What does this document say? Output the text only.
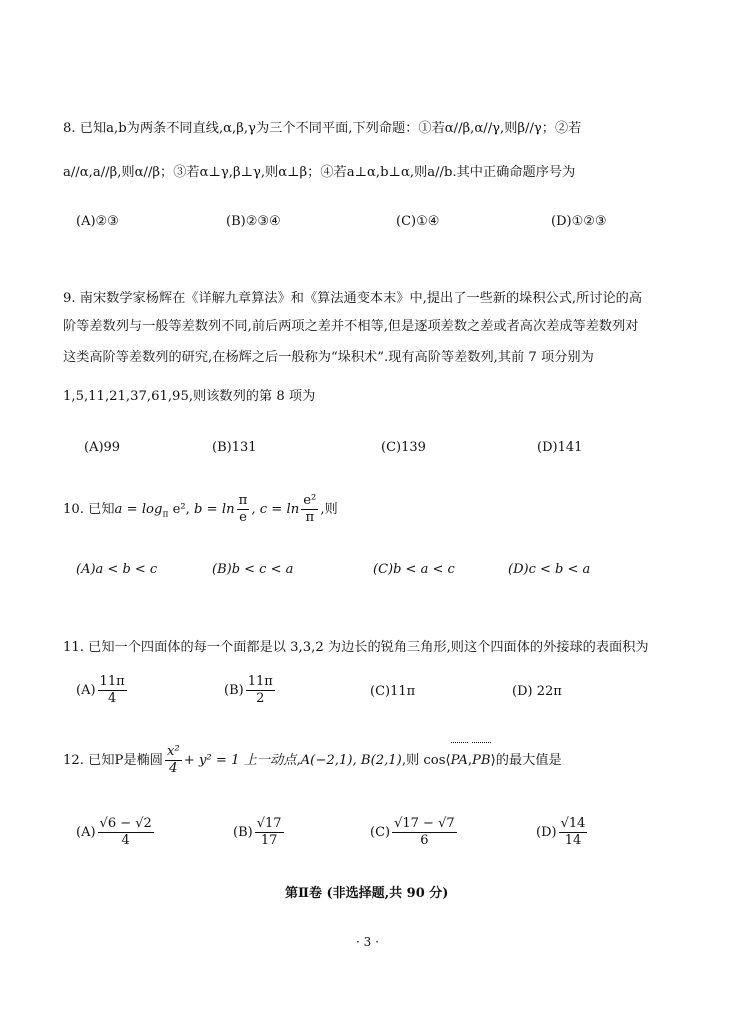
8. 已知a,b为两条不同直线,α,β,γ为三个不同平面,下列命题：①若α//β,α//γ,则β//γ；②若
a//α,a//β,则α//β；③若α⊥γ,β⊥γ,则α⊥β；④若a⊥α,b⊥α,则a//b.其中正确命题序号为
(A)②③	(B)②③④	(C)①④	(D)①②③
9. 南宋数学家杨辉在《详解九章算法》和《算法通变本末》中,提出了一些新的垛积公式,所讨论的高
阶等差数列与一般等差数列不同,前后两项之差并不相等,但是逐项差数之差或者高次差成等差数列对
这类高阶等差数列的研究,在杨辉之后一般称为“垛积术”.现有高阶等差数列,其前 7 项分别为
1,5,11,21,37,61,95,则该数列的第 8 项为
(A)99	(B)131	(C)139	(D)141
10. 已知$a = \log_\pi e^2$, $b = \ln \frac{\pi}{e}$ , $c = \ln \frac{\text{e²}}{\pi}$ ,则
(A)a < b < c	(B)b < c < a	(C)b < a < c	(D)c < b < a
11. 已知一个四面体的每一个面都是以 3,3,2 为边长的锐角三角形,则这个四面体的外接球的表面积为
$(A) \frac{11\pi}{4}$	$(B) \frac{11\pi}{2}$	(C)11π	(D) 22π
12. 已知P是椭圆 $\frac{\text{x²}}{4} + y^2 = 1$ 上一动点,A(−2,1), B(2,1),则 cos⟨PA,PB⟩的最大值是
$(A) \frac{√6 - √2}{4}$	$(B) \frac{√17}{17}$	$(C) \frac{√17 - √7}{6}$	$(D) \frac{√14}{14}$
第Ⅱ卷 (非选择题,共 90 分)
· 3 ·
